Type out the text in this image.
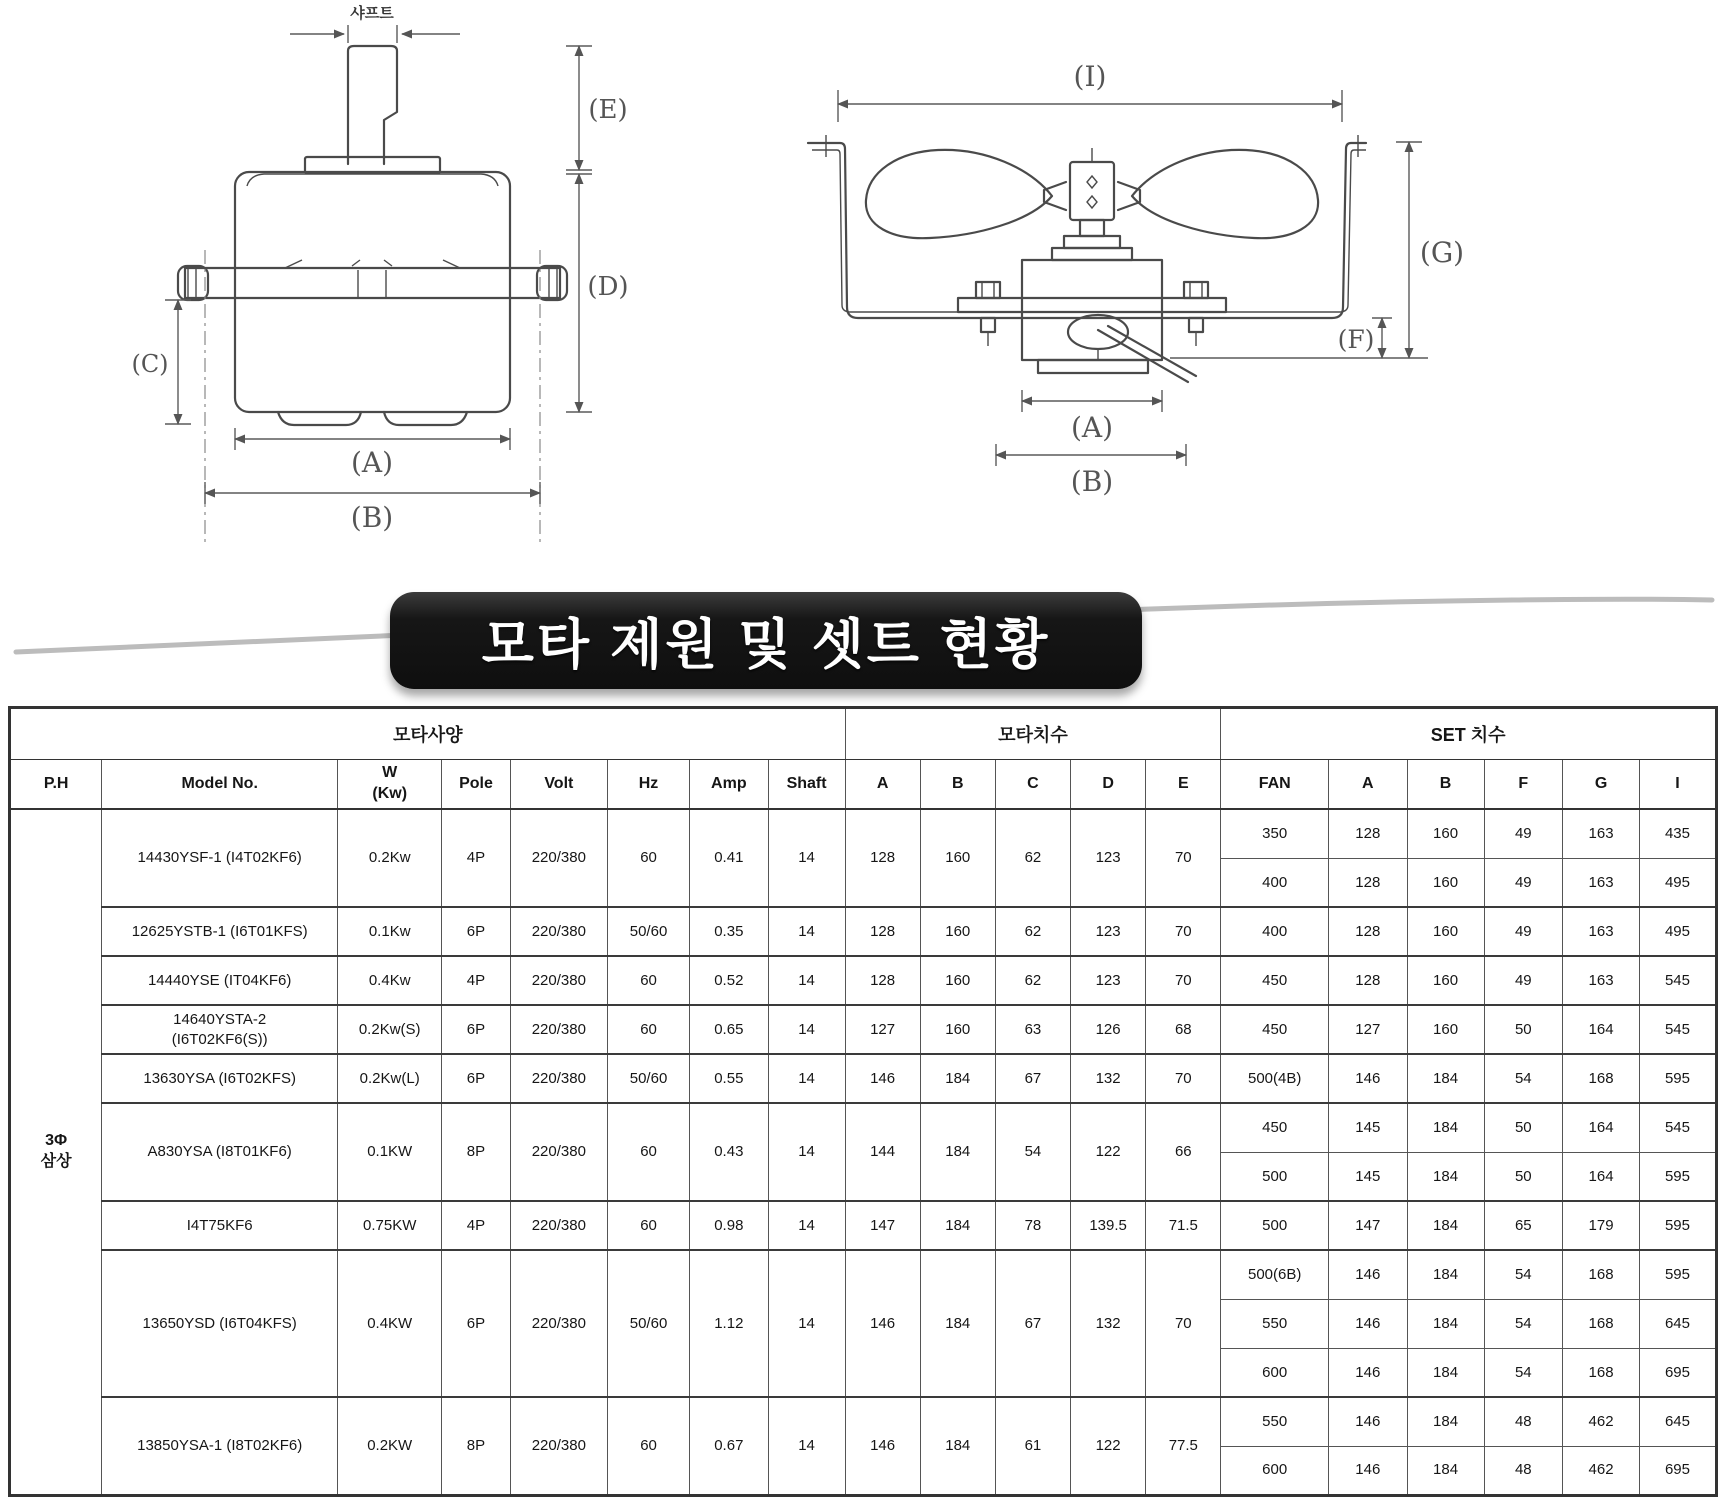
샤프트
(E)
(D)
(C)
(A)
(B)
(I)
(G)
(F)
(A)
(B)
모타 제원 및 셋트 현황
모타사양								모타치수					SET 치수					
P.H	Model No.	W
(Kw)	Pole	Volt	Hz	Amp	Shaft	A	B	C	D	E	FAN	A	B	F	G	I

3Φ
삼상	14430YSF-1 (I4T02KF6)	0.2Kw	4P	220/380	60	0.41	14	128	160	62	123	70	350	128	160	49	163	435

													400	128	160	49	163	495

	12625YSTB-1 (I6T01KFS)	0.1Kw	6P	220/380	50/60	0.35	14	128	160	62	123	70	400	128	160	49	163	495

	14440YSE (IT04KF6)	0.4Kw	4P	220/380	60	0.52	14	128	160	62	123	70	450	128	160	49	163	545

	14640YSTA-2
(I6T02KF6(S))	0.2Kw(S)	6P	220/380	60	0.65	14	127	160	63	126	68	450	127	160	50	164	545

	13630YSA (I6T02KFS)	0.2Kw(L)	6P	220/380	50/60	0.55	14	146	184	67	132	70	500(4B)	146	184	54	168	595

	A830YSA (I8T01KF6)	0.1KW	8P	220/380	60	0.43	14	144	184	54	122	66	450	145	184	50	164	545

													500	145	184	50	164	595

	I4T75KF6	0.75KW	4P	220/380	60	0.98	14	147	184	78	139.5	71.5	500	147	184	65	179	595

	13650YSD (I6T04KFS)	0.4KW	6P	220/380	50/60	1.12	14	146	184	67	132	70	500(6B)	146	184	54	168	595

													550	146	184	54	168	645

													600	146	184	54	168	695

	13850YSA-1 (I8T02KF6)	0.2KW	8P	220/380	60	0.67	14	146	184	61	122	77.5	550	146	184	48	462	645

													600	146	184	48	462	695
